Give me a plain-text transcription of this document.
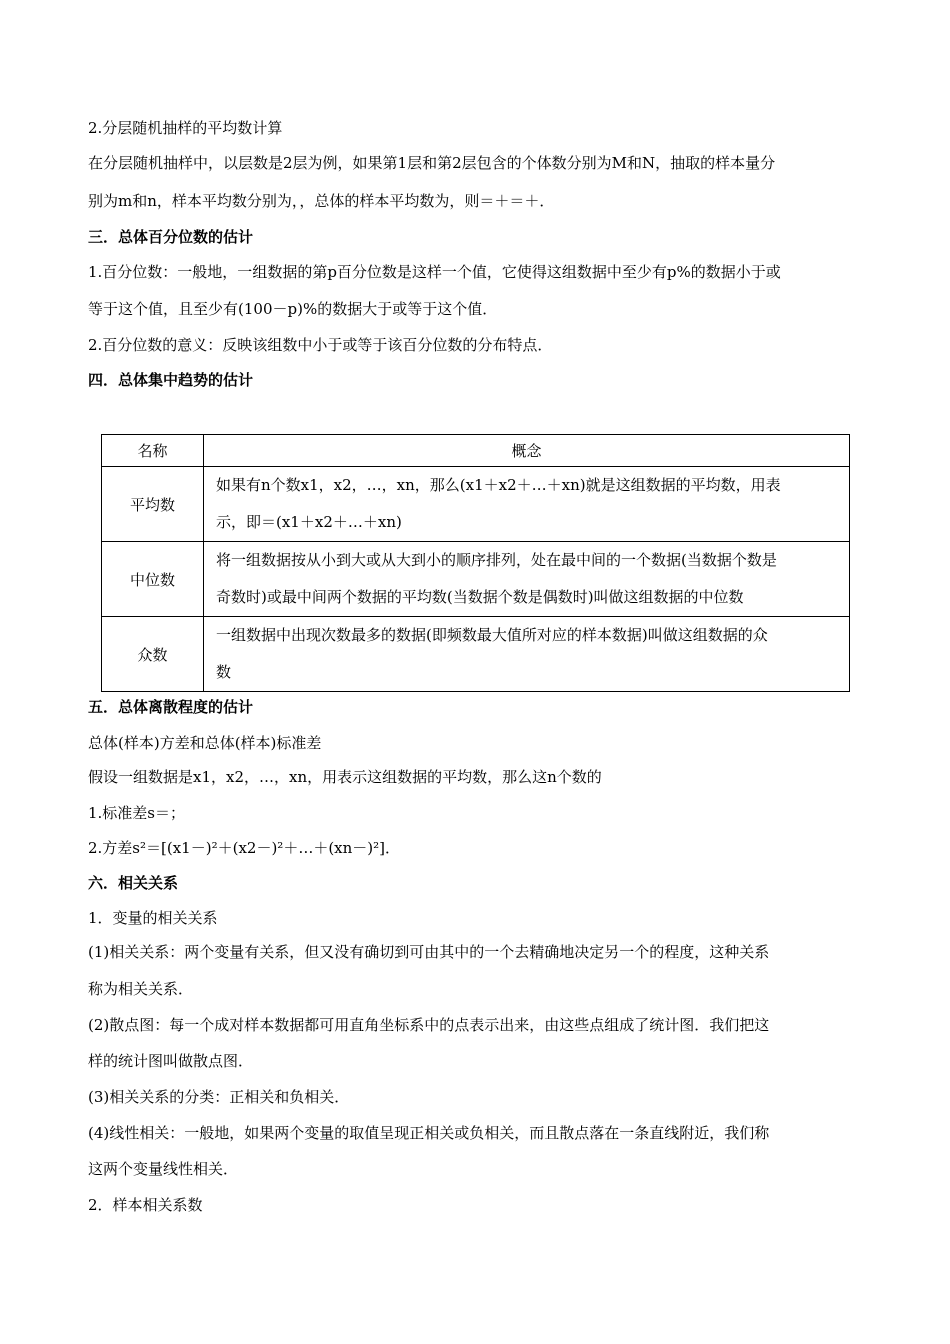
2.分层随机抽样的平均数计算
在分层随机抽样中，以层数是2层为例，如果第1层和第2层包含的个体数分别为M和N，抽取的样本量分
别为m和n，样本平均数分别为，，总体的样本平均数为，则＝＋＝＋．
三．总体百分位数的估计
1.百分位数：一般地，一组数据的第p百分位数是这样一个值，它使得这组数据中至少有p%的数据小于或
等于这个值，且至少有(100－p)%的数据大于或等于这个值．
2.百分位数的意义：反映该组数中小于或等于该百分位数的分布特点．
四．总体集中趋势的估计
名称	概念
平均数	如果有n个数x1，x2，…，xn，那么(x1＋x2＋…＋xn)就是这组数据的平均数，用表
示，即＝(x1＋x2＋…＋xn)

中位数	将一组数据按从小到大或从大到小的顺序排列，处在最中间的一个数据(当数据个数是
奇数时)或最中间两个数据的平均数(当数据个数是偶数时)叫做这组数据的中位数

众数	一组数据中出现次数最多的数据(即频数最大值所对应的样本数据)叫做这组数据的众
数
五．总体离散程度的估计
总体(样本)方差和总体(样本)标准差
假设一组数据是x1，x2，…，xn，用表示这组数据的平均数，那么这n个数的
1.标准差s＝；
2.方差s²＝[(x1－)²＋(x2－)²＋…＋(xn－)²]．
六．相关关系
1．变量的相关关系
(1)相关关系：两个变量有关系，但又没有确切到可由其中的一个去精确地决定另一个的程度，这种关系
称为相关关系．
(2)散点图：每一个成对样本数据都可用直角坐标系中的点表示出来，由这些点组成了统计图．我们把这
样的统计图叫做散点图．
(3)相关关系的分类：正相关和负相关．
(4)线性相关：一般地，如果两个变量的取值呈现正相关或负相关，而且散点落在一条直线附近，我们称
这两个变量线性相关．
2．样本相关系数
